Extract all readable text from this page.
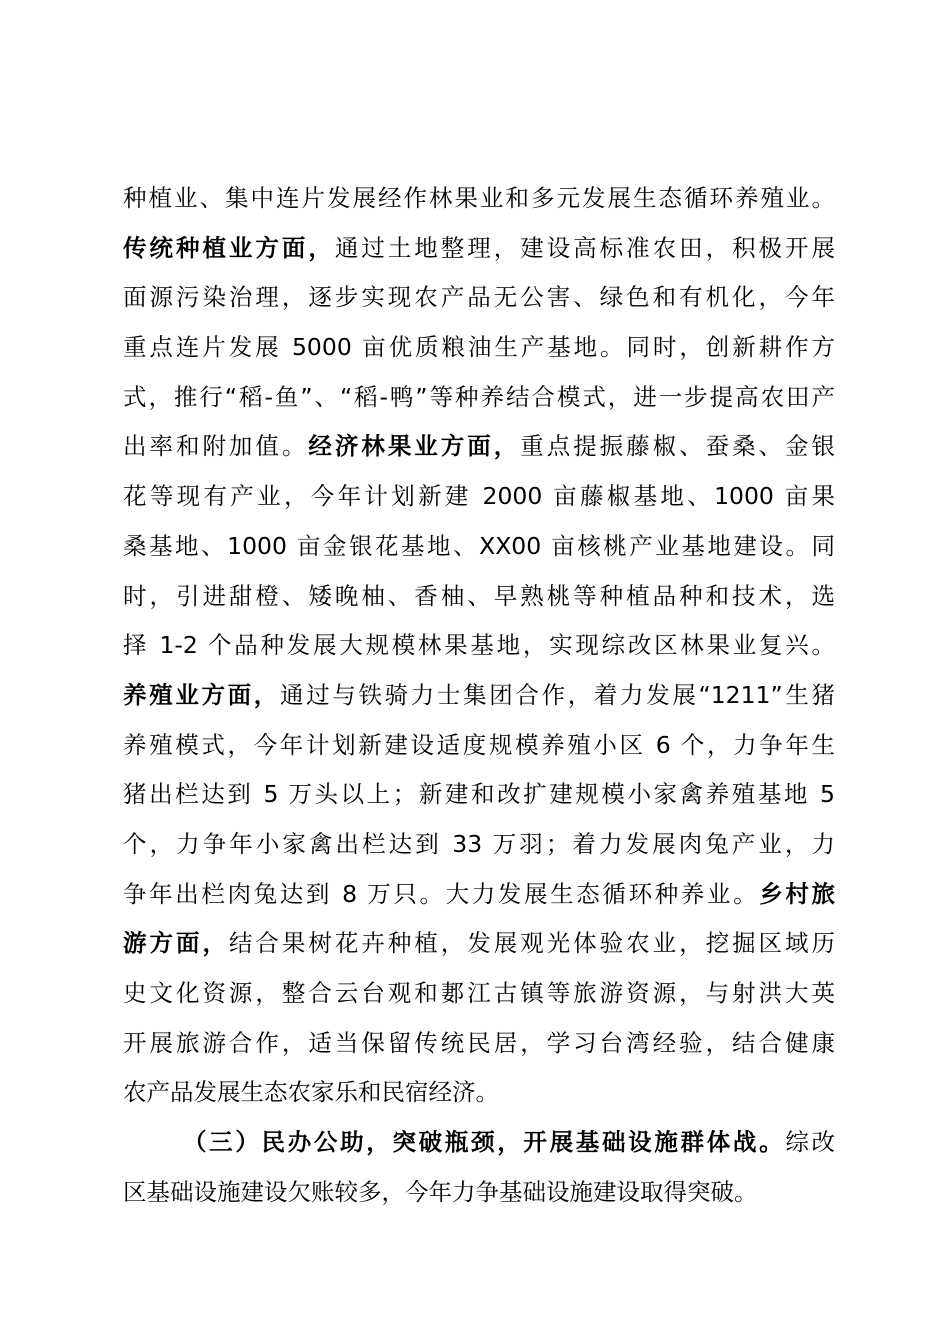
种植业、集中连片发展经作林果业和多元发展生态循环养殖业。
传统种植业方面，通过土地整理，建设高标准农田，积极开展
面源污染治理，逐步实现农产品无公害、绿色和有机化，今年
重点连片发展 5000 亩优质粮油生产基地。同时，创新耕作方
式，推行“稻-鱼”、“稻-鸭”等种养结合模式，进一步提高农田产
出率和附加值。经济林果业方面，重点提振藤椒、蚕桑、金银
花等现有产业，今年计划新建 2000 亩藤椒基地、1000 亩果
桑基地、1000 亩金银花基地、XX00 亩核桃产业基地建设。同
时，引进甜橙、矮晚柚、香柚、早熟桃等种植品种和技术，选
择 1-2 个品种发展大规模林果基地，实现综改区林果业复兴。
养殖业方面，通过与铁骑力士集团合作，着力发展“1211”生猪
养殖模式，今年计划新建设适度规模养殖小区 6 个，力争年生
猪出栏达到 5 万头以上；新建和改扩建规模小家禽养殖基地 5
个，力争年小家禽出栏达到 33 万羽；着力发展肉兔产业，力
争年出栏肉兔达到 8 万只。大力发展生态循环种养业。乡村旅
游方面，结合果树花卉种植，发展观光体验农业，挖掘区域历
史文化资源，整合云台观和郪江古镇等旅游资源，与射洪大英
开展旅游合作，适当保留传统民居，学习台湾经验，结合健康
农产品发展生态农家乐和民宿经济。
（三）民办公助，突破瓶颈，开展基础设施群体战。综改
区基础设施建设欠账较多，今年力争基础设施建设取得突破。
